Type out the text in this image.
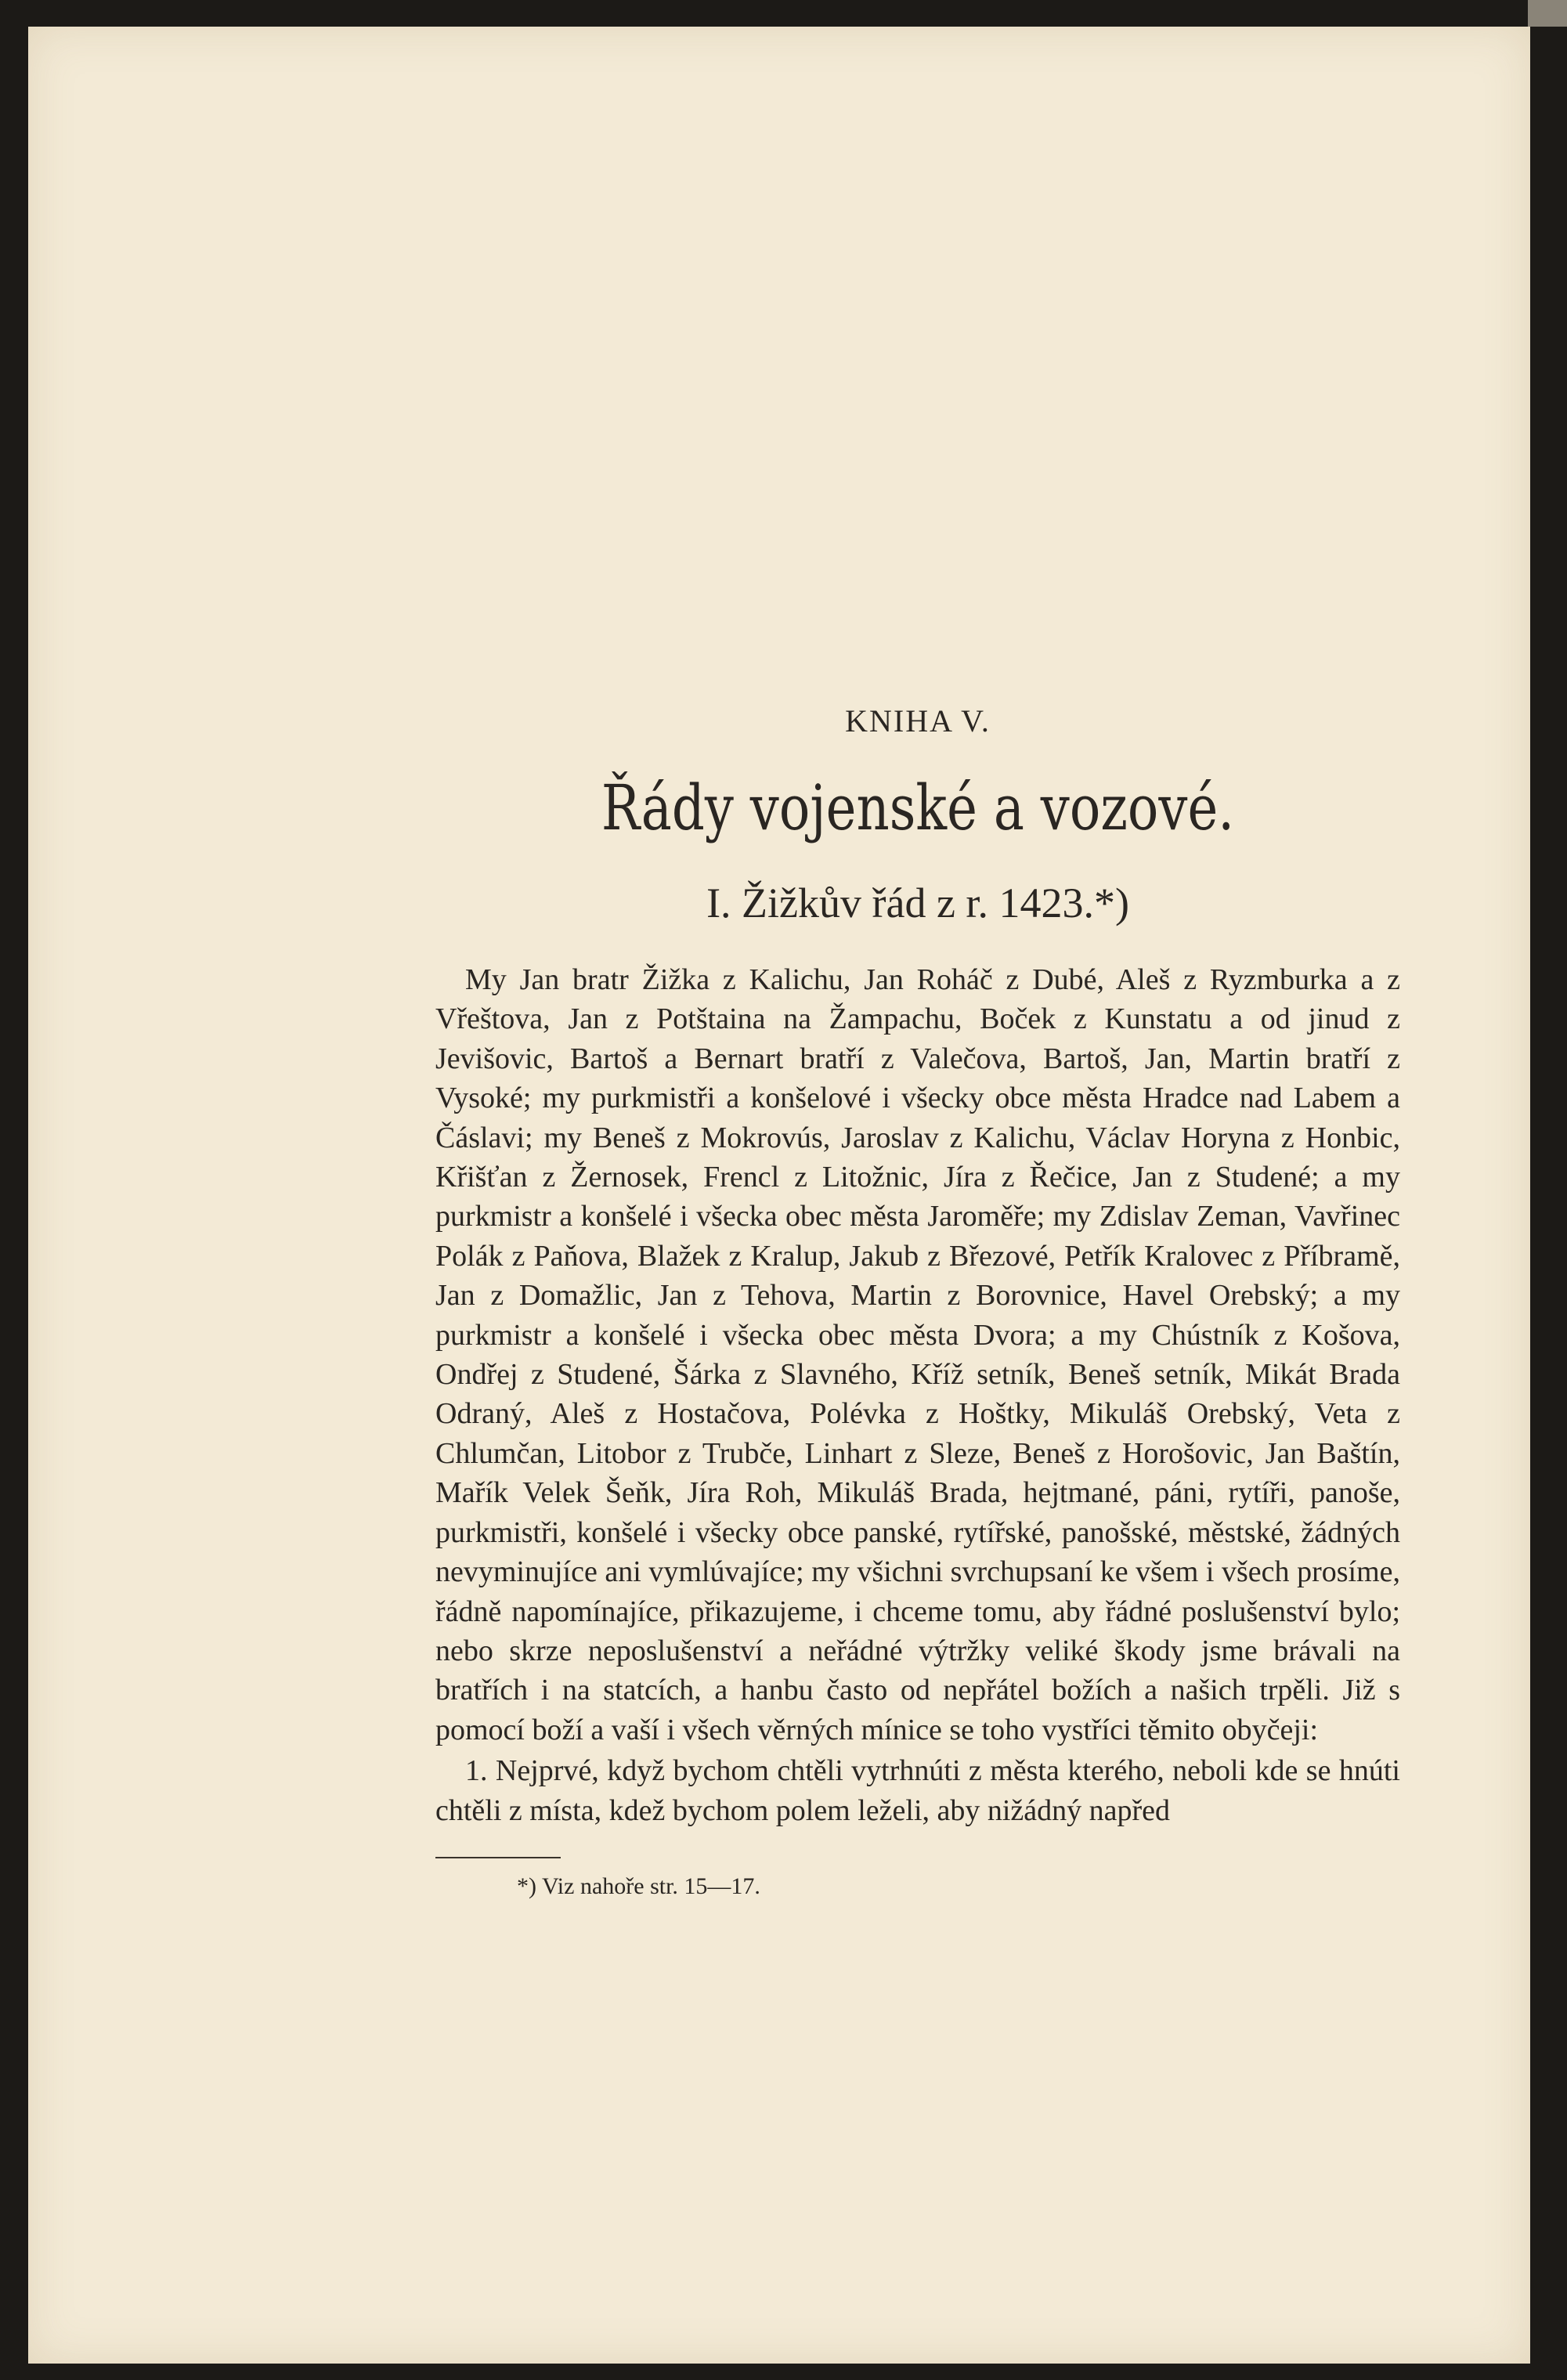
KNIHA V.
Řády vojenské a vozové.
I. Žižkův řád z r. 1423.*)

My Jan bratr Žižka z Kalichu, Jan Roháč z Dubé, Aleš z Ryzmburka a z Vřeštova, Jan z Potštaina na Žampachu, Boček z Kunstatu a od jinud z Jevišovic, Bartoš a Bernart bratří z Valečova, Bartoš, Jan, Martin bratří z Vysoké; my purkmistři a konšelové i všecky obce města Hradce nad Labem a Čáslavi; my Beneš z Mokrovús, Jaroslav z Kalichu, Václav Horyna z Honbic, Křišťan z Žernosek, Frencl z Litožnic, Jíra z Řečice, Jan z Studené; a my purkmistr a konšelé i všecka obec města Jaroměře; my Zdislav Zeman, Vavřinec Polák z Paňova, Blažek z Kralup, Jakub z Březové, Petřík Kralovec z Příbramě, Jan z Domažlic, Jan z Tehova, Martin z Borovnice, Havel Orebský; a my purkmistr a konšelé i všecka obec města Dvora; a my Chústník z Košova, Ondřej z Studené, Šárka z Slavného, Kříž setník, Beneš setník, Mikát Brada Odraný, Aleš z Hostačova, Polévka z Hoštky, Mikuláš Orebský, Veta z Chlumčan, Litobor z Trubče, Linhart z Sleze, Beneš z Horošovic, Jan Baštín, Mařík Velek Šeňk, Jíra Roh, Mikuláš Brada, hejtmané, páni, rytíři, panoše, purkmistři, konšelé i všecky obce panské, rytířské, panošské, městské, žádných nevyminujíce ani vymlúvajíce; my všichni svrchupsaní ke všem i všech prosíme, řádně napomínajíce, přikazujeme, i chceme tomu, aby řádné poslušenství bylo; nebo skrze neposlušenství a neřádné výtržky veliké škody jsme brávali na bratřích i na statcích, a hanbu často od nepřátel božích a našich trpěli. Již s pomocí boží a vaší i všech věrných mínice se toho vystříci těmito obyčeji:

1. Nejprvé, když bychom chtěli vytrhnúti z města kterého, neboli kde se hnúti chtěli z místa, kdež bychom polem leželi, aby nižádný napřed

*) Viz nahoře str. 15—17.
